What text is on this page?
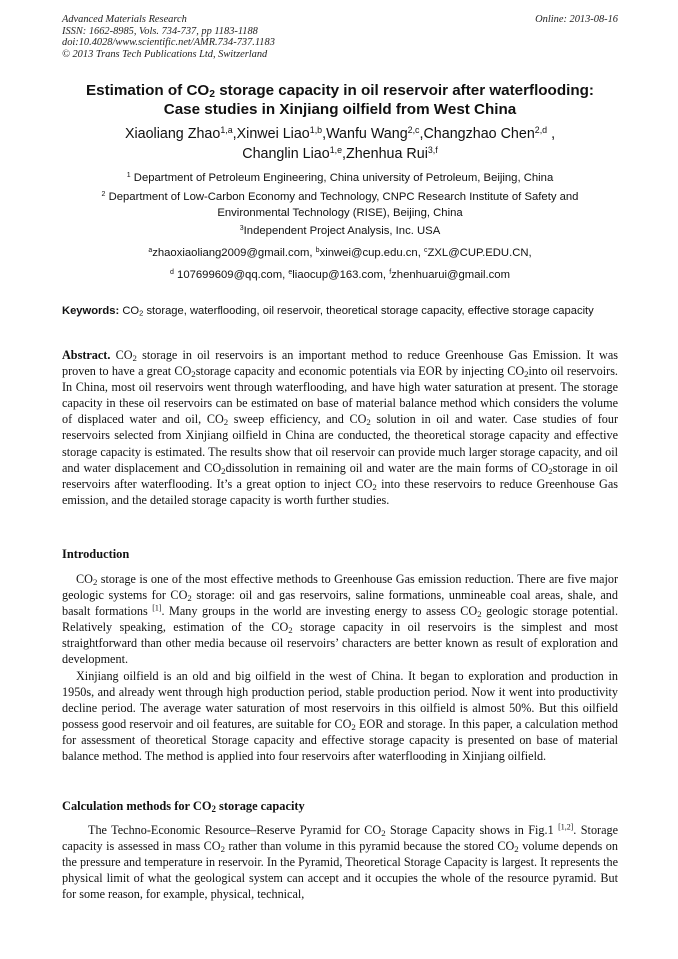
Advanced Materials Research
ISSN: 1662-8985, Vols. 734-737, pp 1183-1188
doi:10.4028/www.scientific.net/AMR.734-737.1183
© 2013 Trans Tech Publications Ltd, Switzerland
Online: 2013-08-16
Estimation of $CO_2$ storage capacity in oil reservoir after waterflooding:
Case studies in Xinjiang oilfield from West China
Xiaoliang Zhao$^{1,a}$,Xinwei Liao$^{1,b}$,Wanfu Wang$^{2,c}$,Changzhao Chen$^{2,d}$ ,
Changlin Liao$^{1,e}$,Zhenhua Rui$^{3,f}$
$^1$ Department of Petroleum Engineering, China university of Petroleum, Beijing, China
$^2$ Department of Low-Carbon Economy and Technology, CNPC Research Institute of Safety and Environmental Technology (RISE), Beijing, China
$^3$Independent Project Analysis, Inc. USA
$^a$zhaoxiaoliang2009@gmail.com, $^b$xinwei@cup.edu.cn, $^c$ZXL@CUP.EDU.CN,
$^d$ 107699609@qq.com, $^e$liaocup@163.com, $^f$zhenhuarui@gmail.com
Keywords: $CO_2$ storage, waterflooding, oil reservoir, theoretical storage capacity, effective storage capacity
Abstract. $CO_2$ storage in oil reservoirs is an important method to reduce Greenhouse Gas Emission. It was proven to have a great $CO_2storage$ capacity and economic potentials via EOR by injecting $CO_2into$ oil reservoirs. In China, most oil reservoirs went through waterflooding, and have high water saturation at present. The storage capacity in these oil reservoirs can be estimated on base of material balance method which considers the volume of displaced water and oil, $CO_2$ sweep efficiency, and $CO_2$ solution in oil and water. Case studies of four reservoirs selected from Xinjiang oilfield in China are conducted, the theoretical storage capacity and effective storage capacity is estimated. The results show that oil reservoir can provide much larger storage capacity, and oil and water displacement and $CO_2dissolution$ in remaining oil and water are the main forms of $CO_2storage$ in oil reservoirs after waterflooding. It’s a great option to inject $CO_2$ into these reservoirs to reduce Greenhouse Gas emission, and the detailed storage capacity is worth further studies.
Introduction
$CO_2$ storage is one of the most effective methods to Greenhouse Gas emission reduction. There are five major geologic systems for $CO_2$ storage: oil and gas reservoirs, saline formations, unmineable coal areas, shale, and basalt formations [1]. Many groups in the world are investing energy to assess $CO_2$ geologic storage potential. Relatively speaking, estimation of the $CO_2$ storage capacity in oil reservoirs is the simplest and most straightforward than other media because oil reservoirs’ characters are better known as result of exploration and development.
Xinjiang oilfield is an old and big oilfield in the west of China. It began to exploration and production in 1950s, and already went through high production period, stable production period. Now it went into productivity decline period. The average water saturation of most reservoirs in this oilfield is almost 50%. But this oilfield possess good reservoir and oil features, are suitable for $CO_2$ EOR and storage. In this paper, a calculation method for assessment of theoretical Storage capacity and effective storage capacity is presented on base of material balance method. The method is applied into four reservoirs after waterflooding in Xinjiang oilfield.
Calculation methods for $CO_2$ storage capacity
The Techno-Economic Resource–Reserve Pyramid for $CO_2$ Storage Capacity shows in Fig.1 [1,2]. Storage capacity is assessed in mass $CO_2$ rather than volume in this pyramid because the stored $CO_2$ volume depends on the pressure and temperature in reservoir. In the Pyramid, Theoretical Storage Capacity is largest. It represents the physical limit of what the geological system can accept and it occupies the whole of the resource pyramid. But for some reason, for example, physical, technical,
